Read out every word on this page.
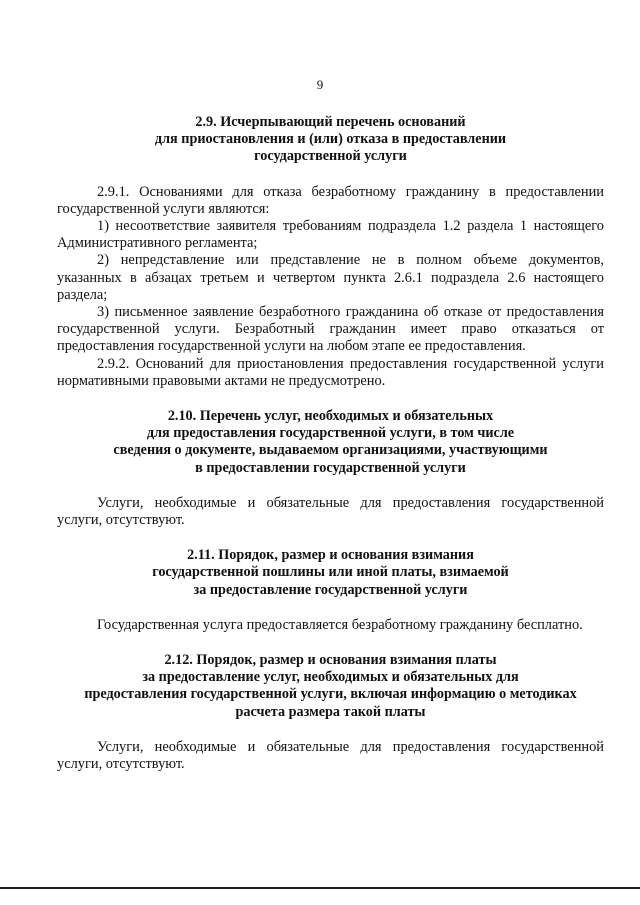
9
2.9. Исчерпывающий перечень оснований
для приостановления и (или) отказа в предоставлении
государственной услуги

2.9.1. Основаниями для отказа безработному гражданину в предоставлении государственной услуги являются:

1) несоответствие заявителя требованиям подраздела 1.2 раздела 1 настоящего Административного регламента;

2) непредставление или представление не в полном объеме документов, указанных в абзацах третьем и четвертом пункта 2.6.1 подраздела 2.6 настоящего раздела;

3) письменное заявление безработного гражданина об отказе от предоставления государственной услуги. Безработный гражданин имеет право отказаться от предоставления государственной услуги на любом этапе ее предоставления.

2.9.2. Оснований для приостановления предоставления государственной услуги нормативными правовыми актами не предусмотрено.

2.10. Перечень услуг, необходимых и обязательных
для предоставления государственной услуги, в том числе
сведения о документе, выдаваемом организациями, участвующими
в предоставлении государственной услуги

Услуги, необходимые и обязательные для предоставления государственной услуги, отсутствуют.

2.11. Порядок, размер и основания взимания
государственной пошлины или иной платы, взимаемой
за предоставление государственной услуги

Государственная услуга предоставляется безработному гражданину бесплатно.

2.12. Порядок, размер и основания взимания платы
за предоставление услуг, необходимых и обязательных для
предоставления государственной услуги, включая информацию о методиках
расчета размера такой платы

Услуги, необходимые и обязательные для предоставления государственной услуги, отсутствуют.
